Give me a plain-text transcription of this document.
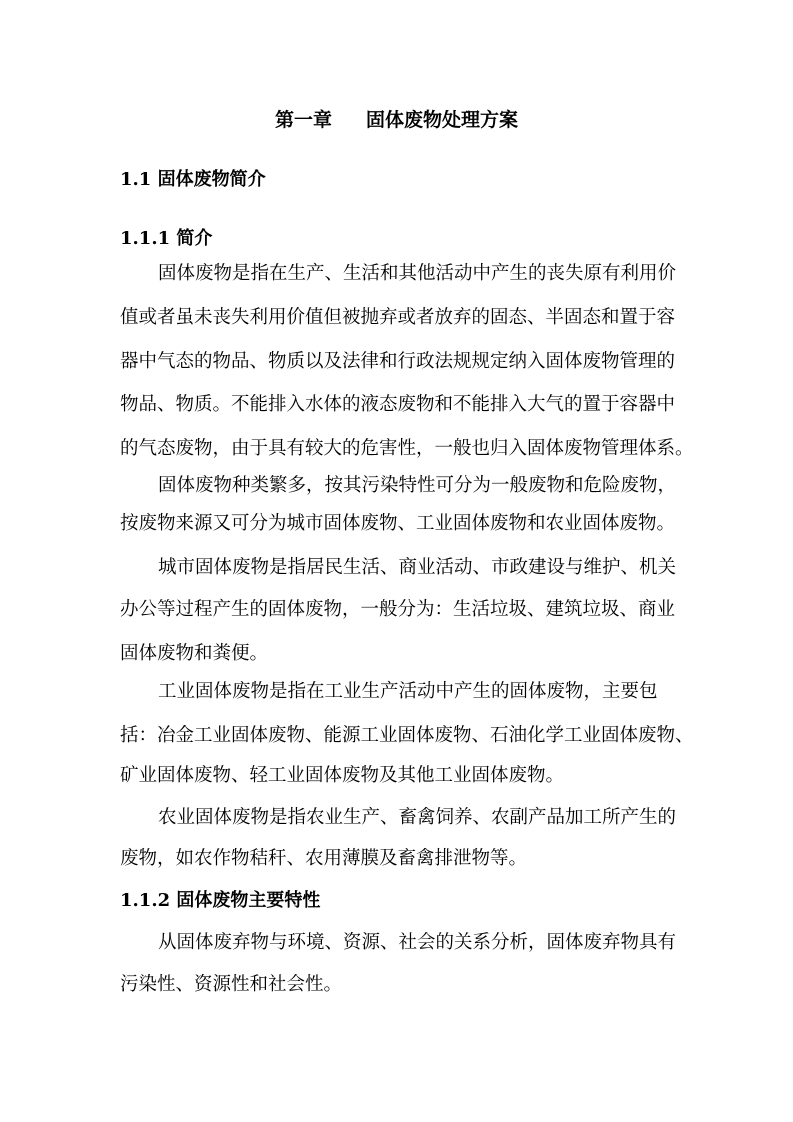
第一章 固体废物处理方案
1.1 固体废物简介
1.1.1 简介
固体废物是指在生产、生活和其他活动中产生的丧失原有利用价
值或者虽未丧失利用价值但被抛弃或者放弃的固态、半固态和置于容
器中气态的物品、物质以及法律和行政法规规定纳入固体废物管理的
物品、物质。不能排入水体的液态废物和不能排入大气的置于容器中
的气态废物，由于具有较大的危害性，一般也归入固体废物管理体系。
固体废物种类繁多，按其污染特性可分为一般废物和危险废物，
按废物来源又可分为城市固体废物、工业固体废物和农业固体废物。
城市固体废物是指居民生活、商业活动、市政建设与维护、机关
办公等过程产生的固体废物，一般分为：生活垃圾、建筑垃圾、商业
固体废物和粪便。
工业固体废物是指在工业生产活动中产生的固体废物，主要包
括：冶金工业固体废物、能源工业固体废物、石油化学工业固体废物、
矿业固体废物、轻工业固体废物及其他工业固体废物。
农业固体废物是指农业生产、畜禽饲养、农副产品加工所产生的
废物，如农作物秸秆、农用薄膜及畜禽排泄物等。
1.1.2 固体废物主要特性
从固体废弃物与环境、资源、社会的关系分析，固体废弃物具有
污染性、资源性和社会性。
